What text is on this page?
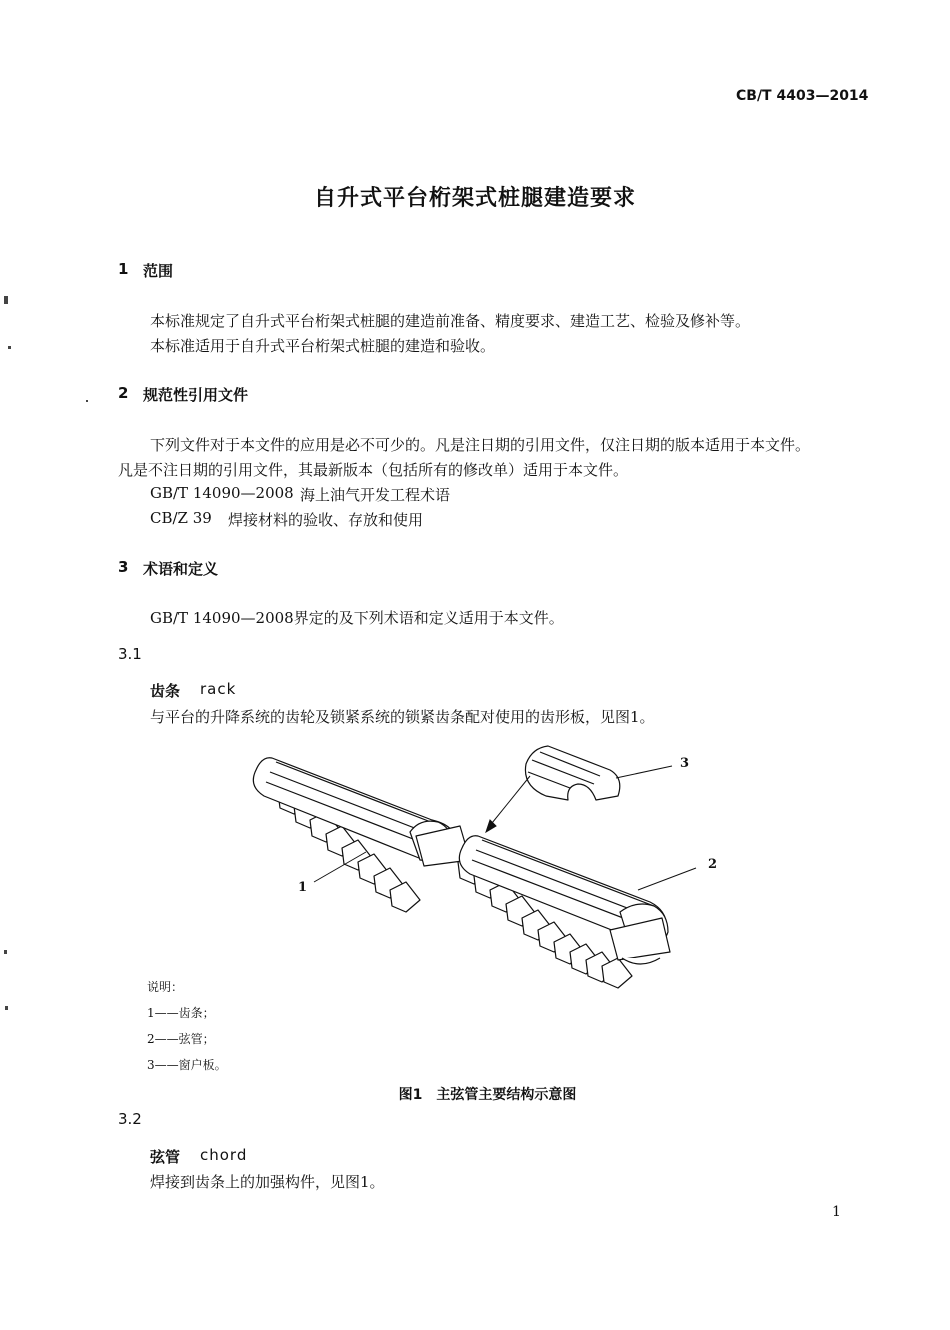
CB/T 4403—2014
自升式平台桁架式桩腿建造要求
1 范围
本标准规定了自升式平台桁架式桩腿的建造前准备、精度要求、建造工艺、检验及修补等。
本标准适用于自升式平台桁架式桩腿的建造和验收。
2 规范性引用文件
下列文件对于本文件的应用是必不可少的。凡是注日期的引用文件，仅注日期的版本适用于本文件。
凡是不注日期的引用文件，其最新版本（包括所有的修改单）适用于本文件。
GB/T 14090—2008 海上油气开发工程术语
CB/Z 39 焊接材料的验收、存放和使用
3 术语和定义
GB/T 14090—2008界定的及下列术语和定义适用于本文件。
3.1
齿条 rack
与平台的升降系统的齿轮及锁紧系统的锁紧齿条配对使用的齿形板，见图1。
3
2
1
说明：
1——齿条；
2——弦管；
3——窗户板。
图1　主弦管主要结构示意图
3.2
弦管 chord
焊接到齿条上的加强构件，见图1。
1
